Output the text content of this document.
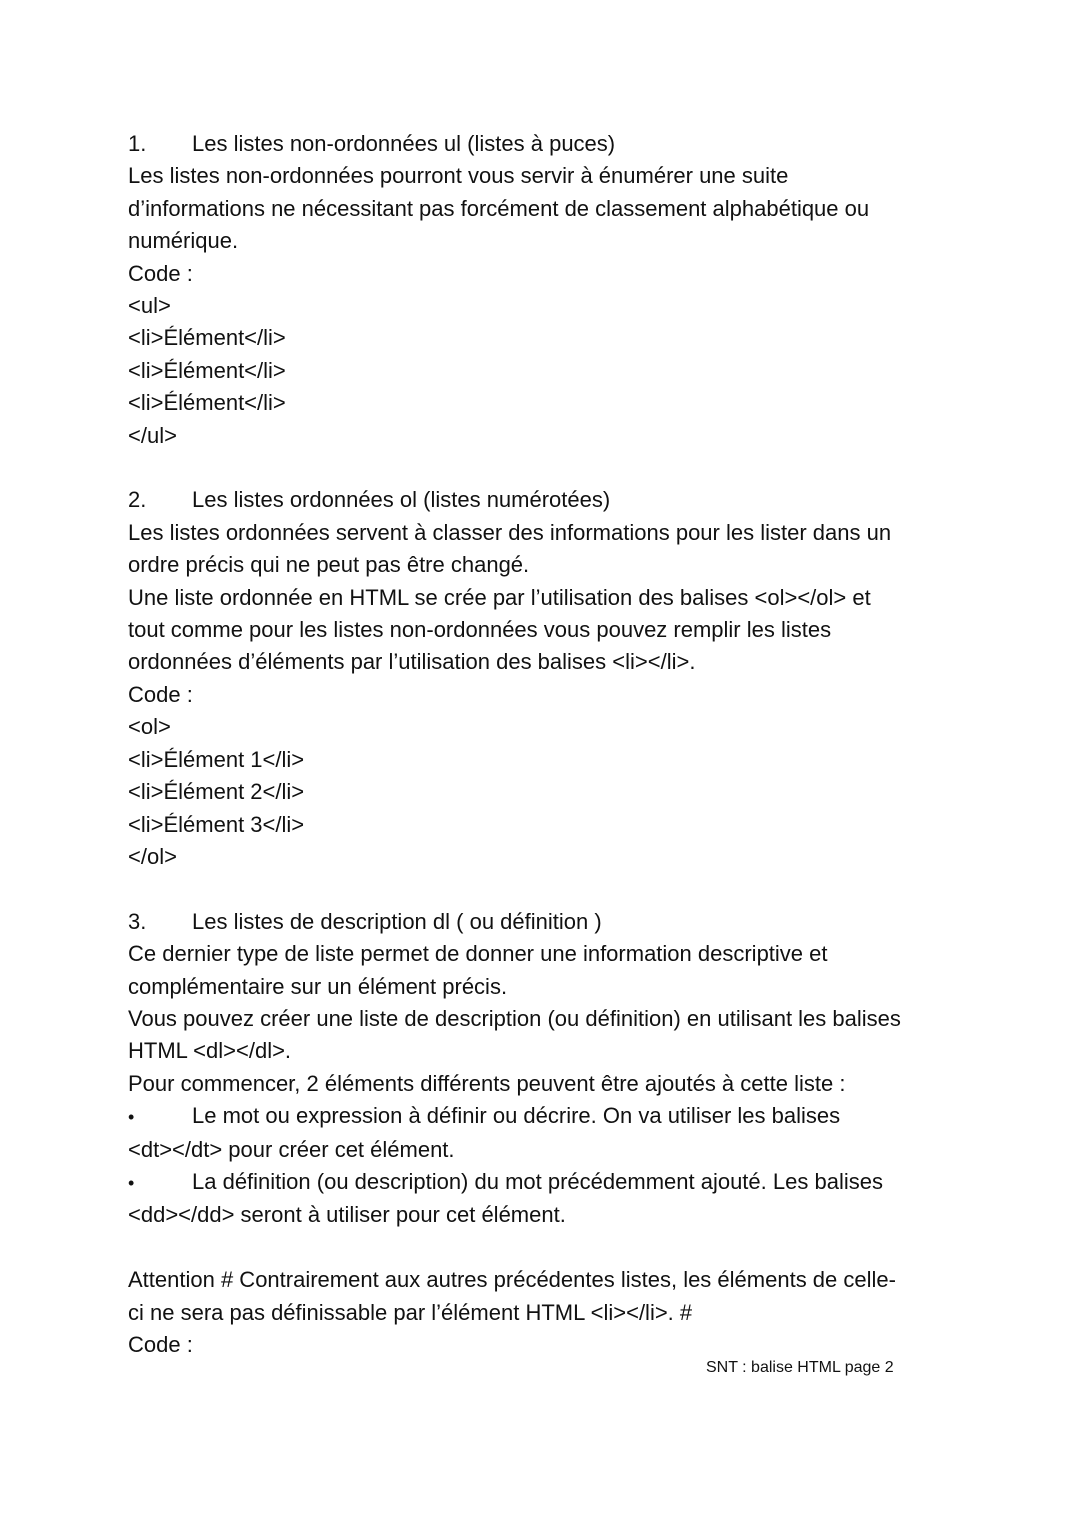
1.	Les listes non-ordonnées ul (listes à puces)
Les listes non-ordonnées pourront vous servir à énumérer une suite
d’informations ne nécessitant pas forcément de classement alphabétique ou
numérique.
Code :
<ul>
<li>Élément</li>
<li>Élément</li>
<li>Élément</li>
</ul>
2.	Les listes ordonnées ol (listes numérotées)
Les listes ordonnées servent à classer des informations pour les lister dans un
ordre précis qui ne peut pas être changé.
Une liste ordonnée en HTML se crée par l’utilisation des balises <ol></ol> et
tout comme pour les listes non-ordonnées vous pouvez remplir les listes
ordonnées d’éléments par l’utilisation des balises <li></li>.
Code :
<ol>
<li>Élément 1</li>
<li>Élément 2</li>
<li>Élément 3</li>
</ol>
3.	Les listes de description dl ( ou définition )
Ce dernier type de liste permet de donner une information descriptive et
complémentaire sur un élément précis.
Vous pouvez créer une liste de description (ou définition) en utilisant les balises
HTML <dl></dl>.
Pour commencer, 2 éléments différents peuvent être ajoutés à cette liste :
•	Le mot ou expression à définir ou décrire. On va utiliser les balises
<dt></dt> pour créer cet élément.
•	La définition (ou description) du mot précédemment ajouté. Les balises
<dd></dd> seront à utiliser pour cet élément.
Attention # Contrairement aux autres précédentes listes, les éléments de celle-
ci ne sera pas définissable par l’élément HTML <li></li>. #
Code :
SNT : balise HTML page 2
